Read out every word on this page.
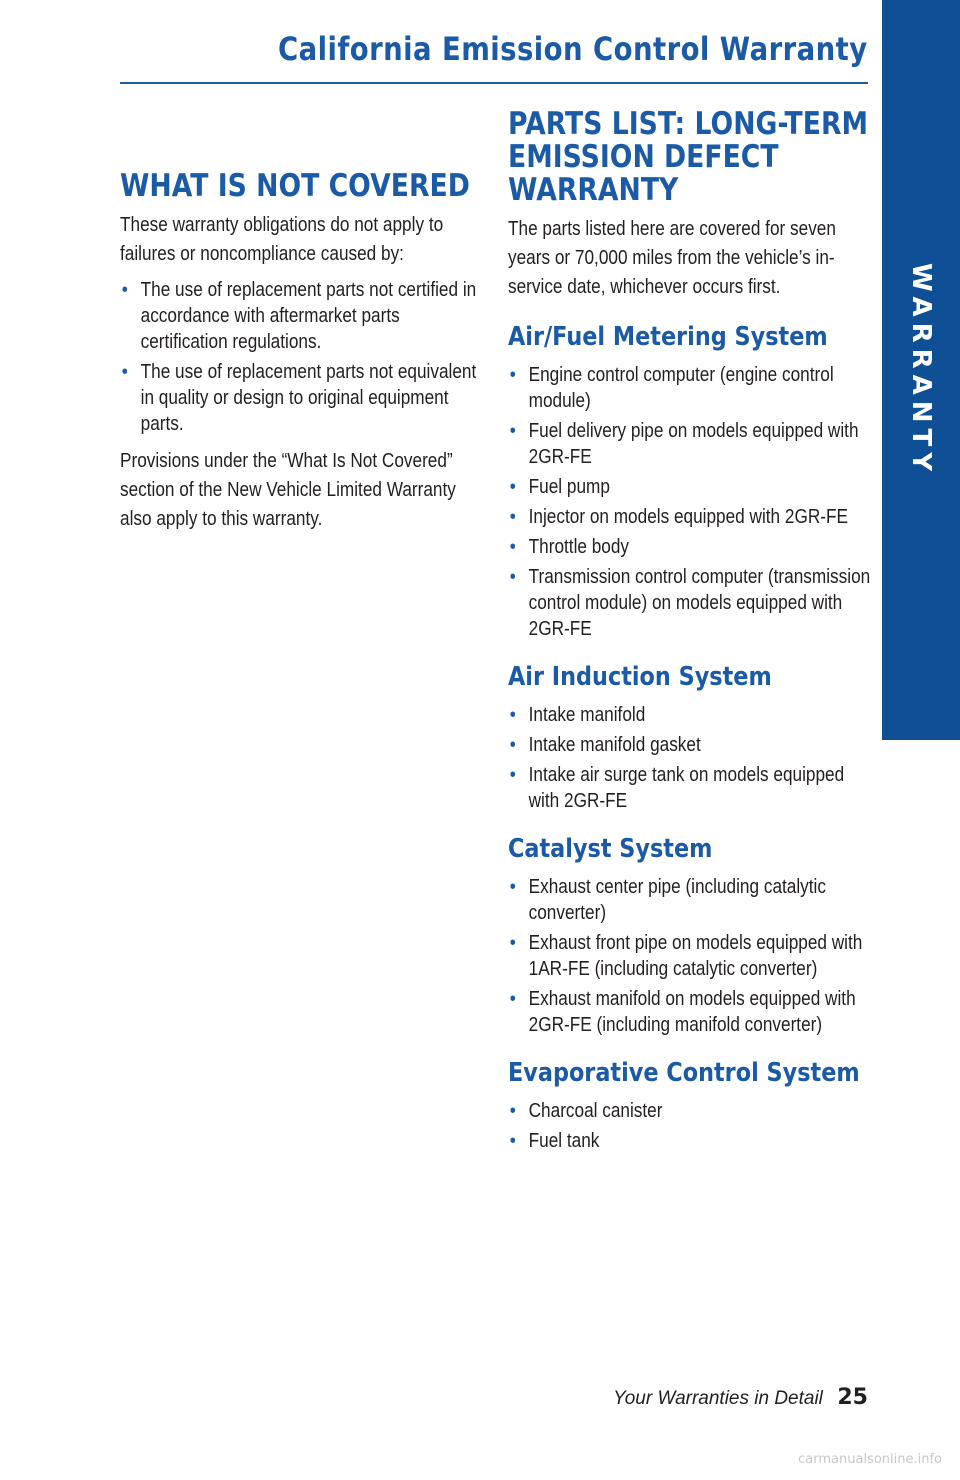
California Emission Control Warranty
WARRANTY
WHAT IS NOT COVERED

These warranty obligations do not apply to failures or noncompliance caused by:

• The use of replacement parts not certified in accordance with aftermarket parts certification regulations.
• The use of replacement parts not equivalent in quality or design to original equipment parts.

Provisions under the “What Is Not Covered” section of the New Vehicle Limited Warranty also apply to this warranty.

PARTS LIST: LONG-TERM
EMISSION DEFECT
WARRANTY

The parts listed here are covered for seven years or 70,000 miles from the vehicle’s in-service date, whichever occurs first.

Air/Fuel Metering System
• Engine control computer (engine control module)
• Fuel delivery pipe on models equipped with 2GR-FE
• Fuel pump
• Injector on models equipped with 2GR-FE
• Throttle body
• Transmission control computer (transmission control module) on models equipped with 2GR-FE
Air Induction System
• Intake manifold
• Intake manifold gasket
• Intake air surge tank on models equipped with 2GR-FE
Catalyst System
• Exhaust center pipe (including catalytic converter)
• Exhaust front pipe on models equipped with 1AR-FE (including catalytic converter)
• Exhaust manifold on models equipped with 2GR-FE (including manifold converter)
Evaporative Control System
• Charcoal canister
• Fuel tank
Your Warranties in Detail 25
carmanualsonline.info
